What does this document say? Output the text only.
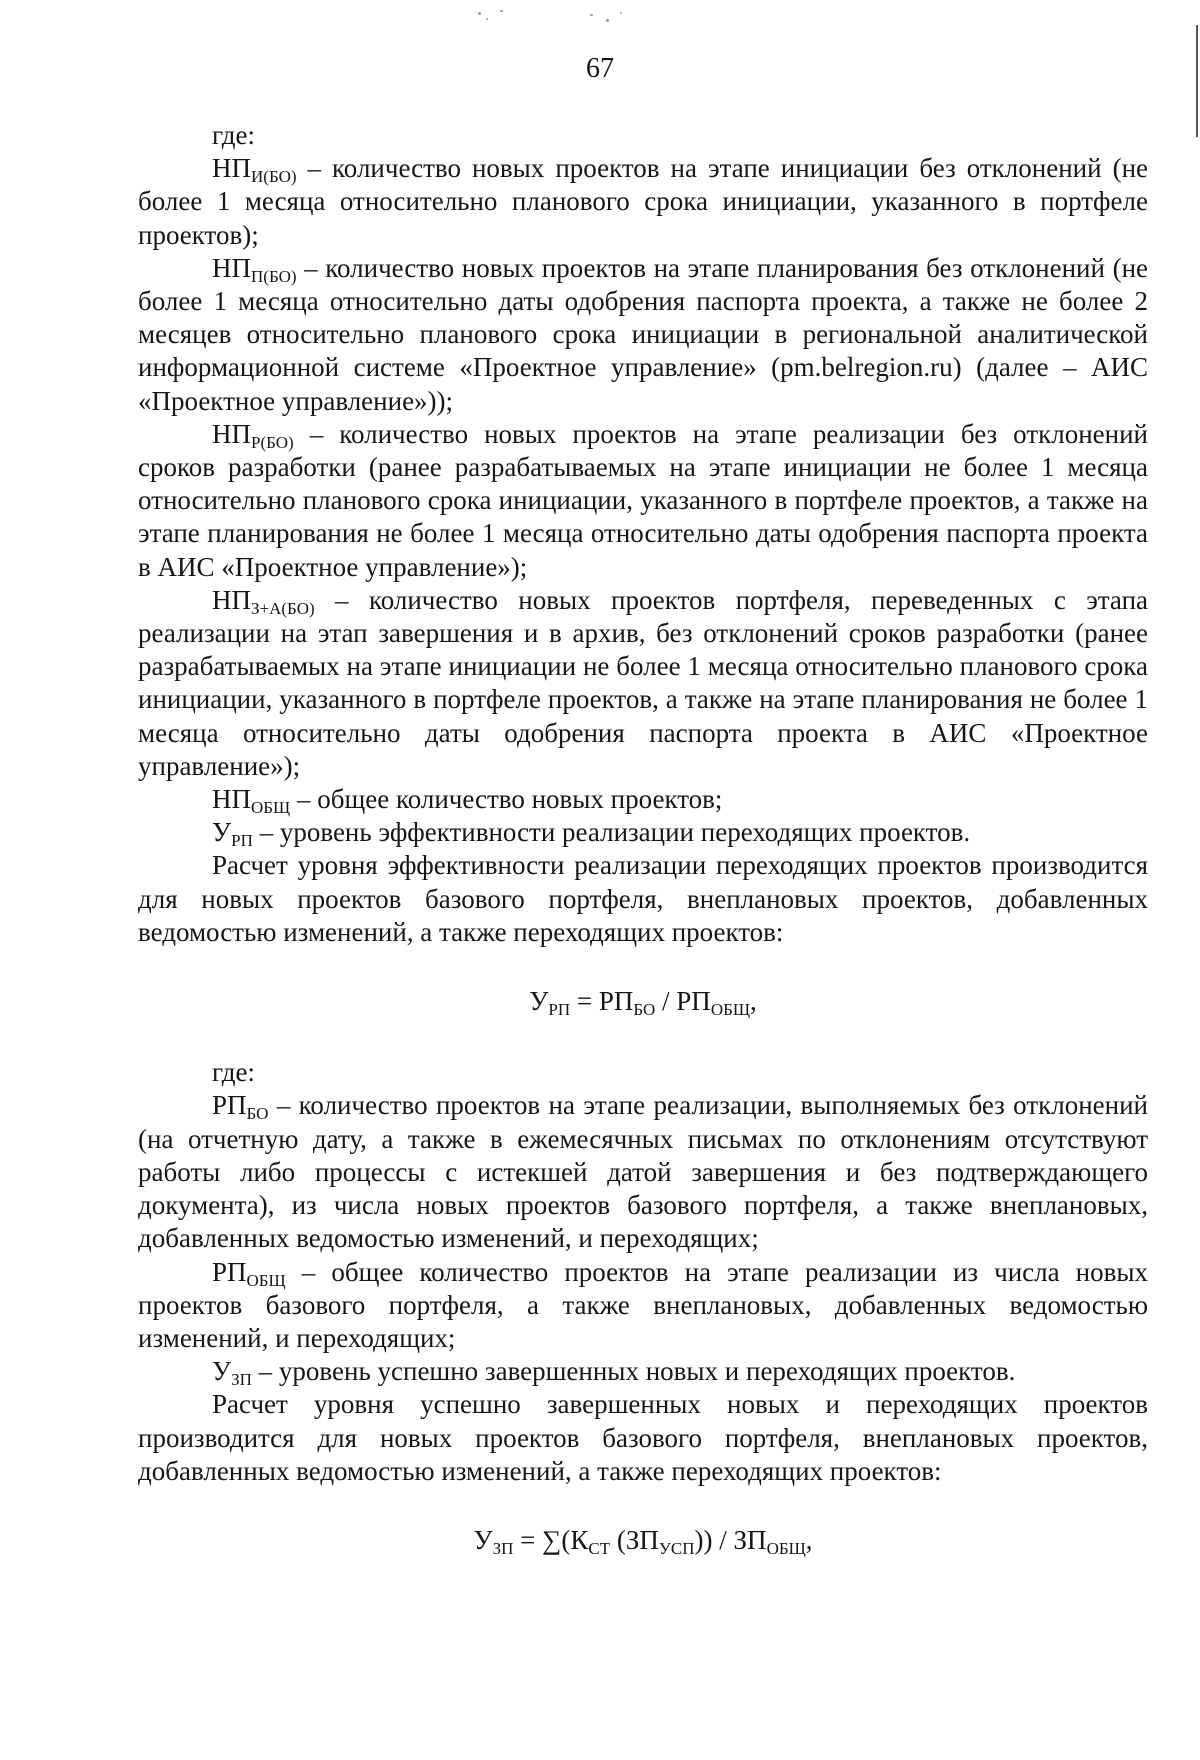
67

где:

$НП_{И(БО)}$ – количество новых проектов на этапе инициации без отклонений (не более 1 месяца относительно планового срока инициации, указанного в портфеле проектов);

$НП_{П(БО)}$ – количество новых проектов на этапе планирования без отклонений (не более 1 месяца относительно даты одобрения паспорта проекта, а также не более 2 месяцев относительно планового срока инициации в региональной аналитической информационной системе «Проектное управление» (pm.belregion.ru) (далее – АИС «Проектное управление»));

$НП_{Р(БО)}$ – количество новых проектов на этапе реализации без отклонений сроков разработки (ранее разрабатываемых на этапе инициации не более 1 месяца относительно планового срока инициации, указанного в портфеле проектов, а также на этапе планирования не более 1 месяца относительно даты одобрения паспорта проекта в АИС «Проектное управление»);

$НП_{З+А(БО)}$ – количество новых проектов портфеля, переведенных с этапа реализации на этап завершения и в архив, без отклонений сроков разработки (ранее разрабатываемых на этапе инициации не более 1 месяца относительно планового срока инициации, указанного в портфеле проектов, а также на этапе планирования не более 1 месяца относительно даты одобрения паспорта проекта в АИС «Проектное управление»);

$НП_{ОБЩ}$ – общее количество новых проектов;

$У_{РП}$ – уровень эффективности реализации переходящих проектов.

Расчет уровня эффективности реализации переходящих проектов производится для новых проектов базового портфеля, внеплановых проектов, добавленных ведомостью изменений, а также переходящих проектов:

$У_{РП} = РП_{БО} / РП_{ОБЩ}$,

где:

$РП_{БО}$ – количество проектов на этапе реализации, выполняемых без отклонений (на отчетную дату, а также в ежемесячных письмах по отклонениям отсутствуют работы либо процессы с истекшей датой завершения и без подтверждающего документа), из числа новых проектов базового портфеля, а также внеплановых, добавленных ведомостью изменений, и переходящих;

$РП_{ОБЩ}$ – общее количество проектов на этапе реализации из числа новых проектов базового портфеля, а также внеплановых, добавленных ведомостью изменений, и переходящих;

$У_{ЗП}$ – уровень успешно завершенных новых и переходящих проектов.

Расчет уровня успешно завершенных новых и переходящих проектов производится для новых проектов базового портфеля, внеплановых проектов, добавленных ведомостью изменений, а также переходящих проектов:

$У_{ЗП} = \sum(К_{СТ}$ $(ЗП_{УСП})) / ЗП_{ОБЩ}$,
